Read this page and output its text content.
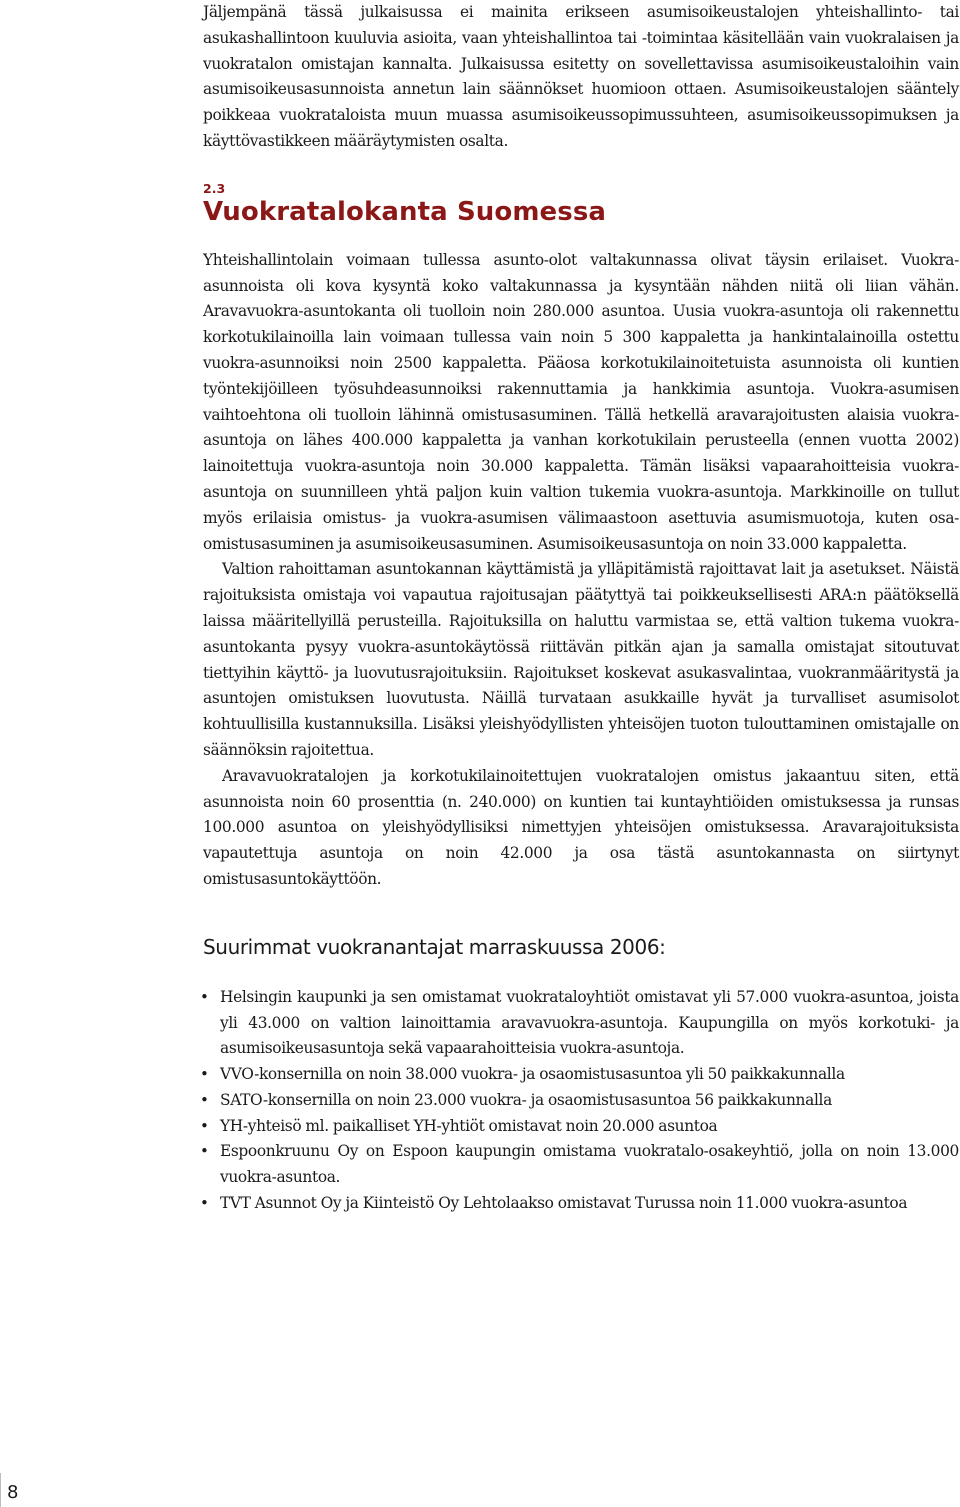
Jäljempänä tässä julkaisussa ei mainita erikseen asumisoikeustalojen yhteishallinto- tai asukashallintoon kuuluvia asioita, vaan yhteishallintoa tai -toimintaa käsitellään vain vuokralaisen ja vuokratalon omistajan kannalta. Julkaisussa esitetty on sovellettavissa asumisoikeustaloihin vain asumisoikeusasunnoista annetun lain säännökset huomioon ottaen. Asumisoikeustalojen sääntely poikkeaa vuokrataloista muun muassa asumisoikeussopimussuhteen, asumisoikeussopimuksen ja käyttövastikkeen määräytymisten osalta.

2.3
Vuokratalokanta Suomessa

Yhteishallintolain voimaan tullessa asunto-olot valtakunnassa olivat täysin erilaiset. Vuokra-asunnoista oli kova kysyntä koko valtakunnassa ja kysyntään nähden niitä oli liian vähän. Aravavuokra-asuntokanta oli tuolloin noin 280.000 asuntoa. Uusia vuokra-asuntoja oli rakennettu korkotukilainoilla lain voimaan tullessa vain noin 5 300 kappaletta ja hankintalainoilla ostettu vuokra-asunnoiksi noin 2500 kappaletta. Pääosa korkotukilainoitetuista asunnoista oli kuntien työntekijöilleen työsuhdeasunnoiksi rakennuttamia ja hankkimia asuntoja. Vuokra-asumisen vaihtoehtona oli tuolloin lähinnä omistusasuminen. Tällä hetkellä aravarajoitusten alaisia vuokra-asuntoja on lähes 400.000 kappaletta ja vanhan korkotukilain perusteella (ennen vuotta 2002) lainoitettuja vuokra-asuntoja noin 30.000 kappaletta. Tämän lisäksi vapaarahoitteisia vuokra-asuntoja on suunnilleen yhtä paljon kuin valtion tukemia vuokra-asuntoja. Markkinoille on tullut myös erilaisia omistus- ja vuokra-asumisen välimaastoon asettuvia asumismuotoja, kuten osa-omistusasuminen ja asumisoikeusasuminen. Asumisoikeusasuntoja on noin 33.000 kappaletta.

Valtion rahoittaman asuntokannan käyttämistä ja ylläpitämistä rajoittavat lait ja asetukset. Näistä rajoituksista omistaja voi vapautua rajoitusajan päätyttyä tai poikkeuksellisesti ARA:n päätöksellä laissa määritellyillä perusteilla. Rajoituksilla on haluttu varmistaa se, että valtion tukema vuokra-asuntokanta pysyy vuokra-asuntokäytössä riittävän pitkän ajan ja samalla omistajat sitoutuvat tiettyihin käyttö- ja luovutusrajoituksiin. Rajoitukset koskevat asukasvalintaa, vuokranmääritystä ja asuntojen omistuksen luovutusta. Näillä turvataan asukkaille hyvät ja turvalliset asumisolot kohtuullisilla kustannuksilla. Lisäksi yleishyödyllisten yhteisöjen tuoton tulouttaminen omistajalle on säännöksin rajoitettua.

Aravavuokratalojen ja korkotukilainoitettujen vuokratalojen omistus jakaantuu siten, että asunnoista noin 60 prosenttia (n. 240.000) on kuntien tai kuntayhtiöiden omistuksessa ja runsas 100.000 asuntoa on yleishyödyllisiksi nimettyjen yhteisöjen omistuksessa. Aravarajoituksista vapautettuja asuntoja on noin 42.000 ja osa tästä asuntokannasta on siirtynyt omistusasuntokäyttöön.

Suurimmat vuokranantajat marraskuussa 2006:
• Helsingin kaupunki ja sen omistamat vuokrataloyhtiöt omistavat yli 57.000 vuokra-asuntoa, joista yli 43.000 on valtion lainoittamia aravavuokra-asuntoja. Kaupungilla on myös korkotuki- ja asumisoikeusasuntoja sekä vapaarahoitteisia vuokra-asuntoja.
• VVO-konsernilla on noin 38.000 vuokra- ja osaomistusasuntoa yli 50 paikkakunnalla
• SATO-konsernilla on noin 23.000 vuokra- ja osaomistusasuntoa 56 paikkakunnalla
• YH-yhteisö ml. paikalliset YH-yhtiöt omistavat noin 20.000 asuntoa
• Espoonkruunu Oy on Espoon kaupungin omistama vuokratalo-osakeyhtiö, jolla on noin 13.000 vuokra-asuntoa.
• TVT Asunnot Oy ja Kiinteistö Oy Lehtolaakso omistavat Turussa noin 11.000 vuokra-asuntoa
8
